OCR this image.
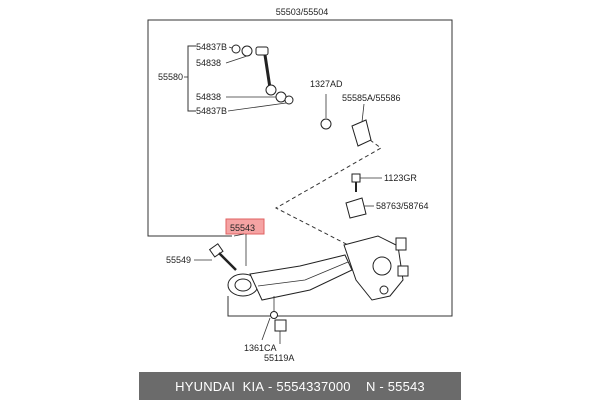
55503/55504
55580
54837B
54838
54838
54837B
1327AD
55585A/55586
1123GR
58763/58764
55543
55549
1361CA
55119A
HYUNDAI  KIA - 5554337000 N - 55543
